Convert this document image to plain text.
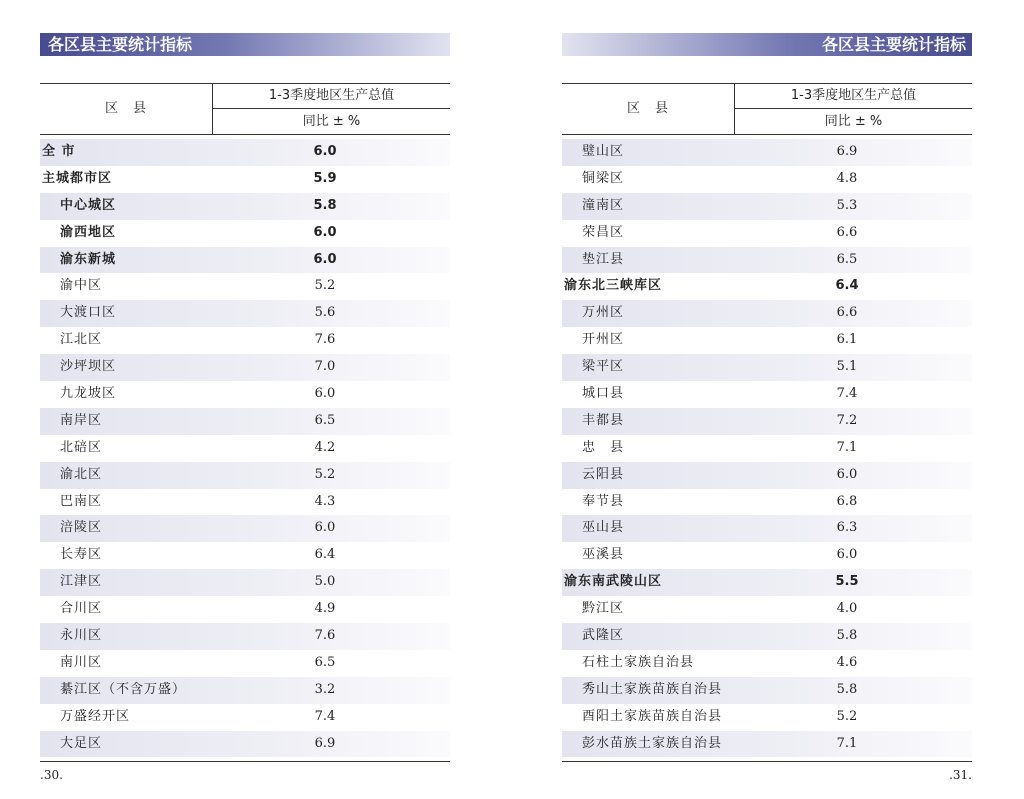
各区县主要统计指标
区　县
1-3季度地区生产总值
同比 ± %
全 市	6.0
主城都市区	5.9
中心城区	5.8
渝西地区	6.0
渝东新城	6.0
渝中区	5.2
大渡口区	5.6
江北区	7.6
沙坪坝区	7.0
九龙坡区	6.0
南岸区	6.5
北碚区	4.2
渝北区	5.2
巴南区	4.3
涪陵区	6.0
长寿区	6.4
江津区	5.0
合川区	4.9
永川区	7.6
南川区	6.5
綦江区（不含万盛）	3.2
万盛经开区	7.4
大足区	6.9
.30.
各区县主要统计指标
区　县
1-3季度地区生产总值
同比 ± %
璧山区	6.9
铜梁区	4.8
潼南区	5.3
荣昌区	6.6
垫江县	6.5
渝东北三峡库区	6.4
万州区	6.6
开州区	6.1
梁平区	5.1
城口县	7.4
丰都县	7.2
忠　县	7.1
云阳县	6.0
奉节县	6.8
巫山县	6.3
巫溪县	6.0
渝东南武陵山区	5.5
黔江区	4.0
武隆区	5.8
石柱土家族自治县	4.6
秀山土家族苗族自治县	5.8
酉阳土家族苗族自治县	5.2
彭水苗族土家族自治县	7.1
.31.
